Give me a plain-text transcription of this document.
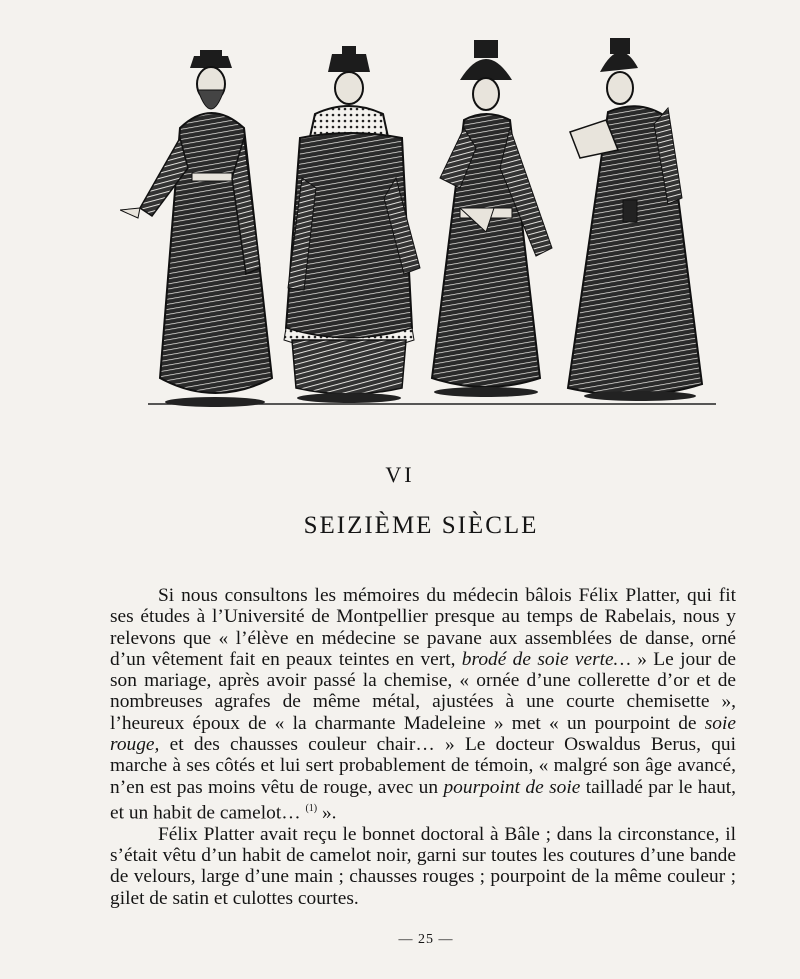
VI
SEIZIÈME SIÈCLE

Si nous consultons les mémoires du médecin bâlois Félix Platter, qui fit ses études à l’Université de Montpellier presque au temps de Rabelais, nous y relevons que « l’élève en médecine se pavane aux assemblées de danse, orné d’un vêtement fait en peaux teintes en vert, brodé de soie verte… » Le jour de son mariage, après avoir passé la chemise, « ornée d’une collerette d’or et de nombreuses agrafes de même métal, ajustées à une courte chemisette », l’heureux époux de « la charmante Madeleine » met « un pourpoint de soie rouge, et des chausses couleur chair… » Le docteur Oswaldus Berus, qui marche à ses côtés et lui sert probablement de témoin, « malgré son âge avancé, n’en est pas moins vêtu de rouge, avec un pourpoint de soie tailladé par le haut, et un habit de camelot… $^{(1)}$ ».

Félix Platter avait reçu le bonnet doctoral à Bâle ; dans la circonstance, il s’était vêtu d’un habit de camelot noir, garni sur toutes les coutures d’une bande de velours, large d’une main ; chausses rouges ; pourpoint de la même couleur ; gilet de satin et culottes courtes.

— 25 —
